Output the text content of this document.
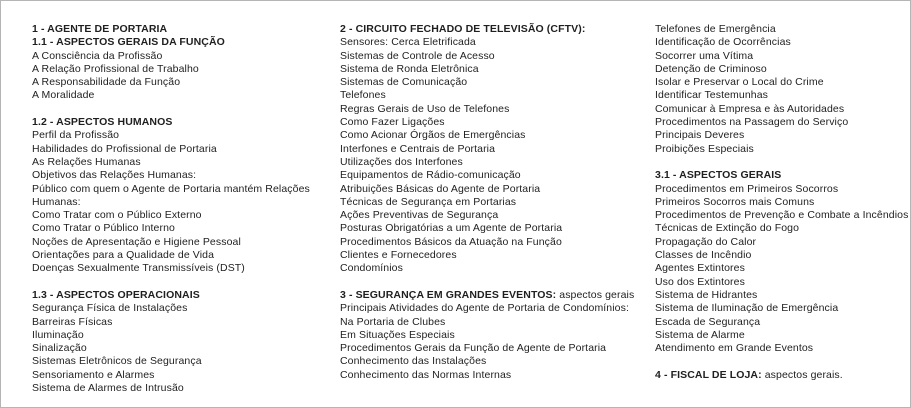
1 - AGENTE DE PORTARIA
1.1 - ASPECTOS GERAIS DA FUNÇÃO
A Consciência da Profissão
A Relação Profissional de Trabalho
A Responsabilidade da Função
A Moralidade

1.2 - ASPECTOS HUMANOS
Perfil da Profissão
Habilidades do Profissional de Portaria
As Relações Humanas
Objetivos das Relações Humanas:
Público com quem o Agente de Portaria mantém Relações
Humanas:
Como Tratar com o Público Externo
Como Tratar o Público Interno
Noções de Apresentação e Higiene Pessoal
Orientações para a Qualidade de Vida
Doenças Sexualmente Transmissíveis (DST)

1.3 - ASPECTOS OPERACIONAIS
Segurança Física de Instalações
Barreiras Físicas
Iluminação
Sinalização
Sistemas Eletrônicos de Segurança
Sensoriamento e Alarmes
Sistema de Alarmes de Intrusão
2 - CIRCUITO FECHADO DE TELEVISÃO (CFTV):
Sensores: Cerca Eletrificada
Sistemas de Controle de Acesso
Sistema de Ronda Eletrônica
Sistemas de Comunicação
Telefones
Regras Gerais de Uso de Telefones
Como Fazer Ligações
Como Acionar Órgãos de Emergências
Interfones e Centrais de Portaria
Utilizações dos Interfones
Equipamentos de Rádio-comunicação
Atribuições Básicas do Agente de Portaria
Técnicas de Segurança em Portarias
Ações Preventivas de Segurança
Posturas Obrigatórias a um Agente de Portaria
Procedimentos Básicos da Atuação na Função
Clientes e Fornecedores
Condomínios

3 - SEGURANÇA EM GRANDES EVENTOS: aspectos gerais
Principais Atividades do Agente de Portaria de Condomínios:
Na Portaria de Clubes
Em Situações Especiais
Procedimentos Gerais da Função de Agente de Portaria
Conhecimento das Instalações
Conhecimento das Normas Internas
Telefones de Emergência
Identificação de Ocorrências
Socorrer uma Vítima
Detenção de Criminoso
Isolar e Preservar o Local do Crime
Identificar Testemunhas
Comunicar à Empresa e às Autoridades
Procedimentos na Passagem do Serviço
Principais Deveres
Proibições Especiais

3.1 - ASPECTOS GERAIS
Procedimentos em Primeiros Socorros
Primeiros Socorros mais Comuns
Procedimentos de Prevenção e Combate a Incêndios
Técnicas de Extinção do Fogo
Propagação do Calor
Classes de Incêndio
Agentes Extintores
Uso dos Extintores
Sistema de Hidrantes
Sistema de Iluminação de Emergência
Escada de Segurança
Sistema de Alarme
Atendimento em Grande Eventos

4 - FISCAL DE LOJA: aspectos gerais.
